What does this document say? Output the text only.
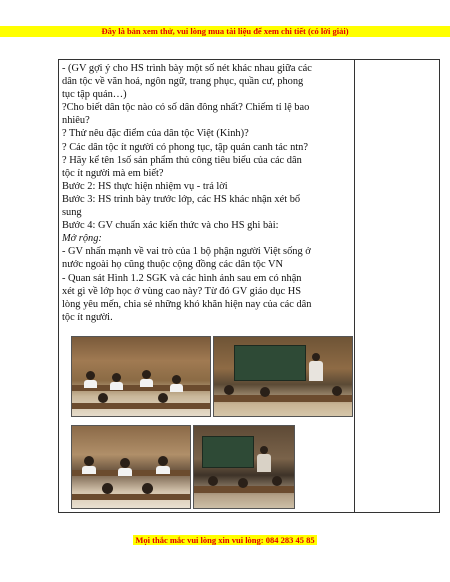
Đây là bản xem thử, vui lòng mua tài liệu để xem chi tiết (có lời giải)

- (GV gợi ý cho HS trình bày một số nét khác nhau giữa các

dân tộc về văn hoá, ngôn ngữ, trang phục, quần cư, phong

tục tập quán…)

?Cho biết dân tộc nào có số dân đông nhất? Chiếm tỉ lệ bao

nhiêu?

? Thử nêu đặc điểm của dân tộc Việt (Kinh)?

? Các dân tộc ít người có phong tục, tập quán canh tác ntn?

? Hãy kể tên 1số sản phẩm thủ công tiêu biểu của các dân

tộc ít người mà em biết?

Bước 2: HS thực hiện nhiệm vụ - trả lời

Bước 3: HS trình bày trước lớp, các HS khác nhận xét bổ

sung

Bước 4: GV chuẩn xác kiến thức và cho HS ghi bài:

Mở rộng:

- GV nhấn mạnh về vai trò của 1 bộ phận người Việt sống ở

nước ngoài họ cũng thuộc cộng đồng các dân tộc VN

- Quan sát Hình 1.2 SGK và các hình ảnh sau em có nhận

xét gì về lớp học ở vùng cao này? Từ đó GV giáo dục HS

lòng yêu mến, chia sẻ những khó khăn hiện nay của các dân

tộc ít người.

Mọi thắc mắc vui lòng xin vui lòng: 084 283 45 85
